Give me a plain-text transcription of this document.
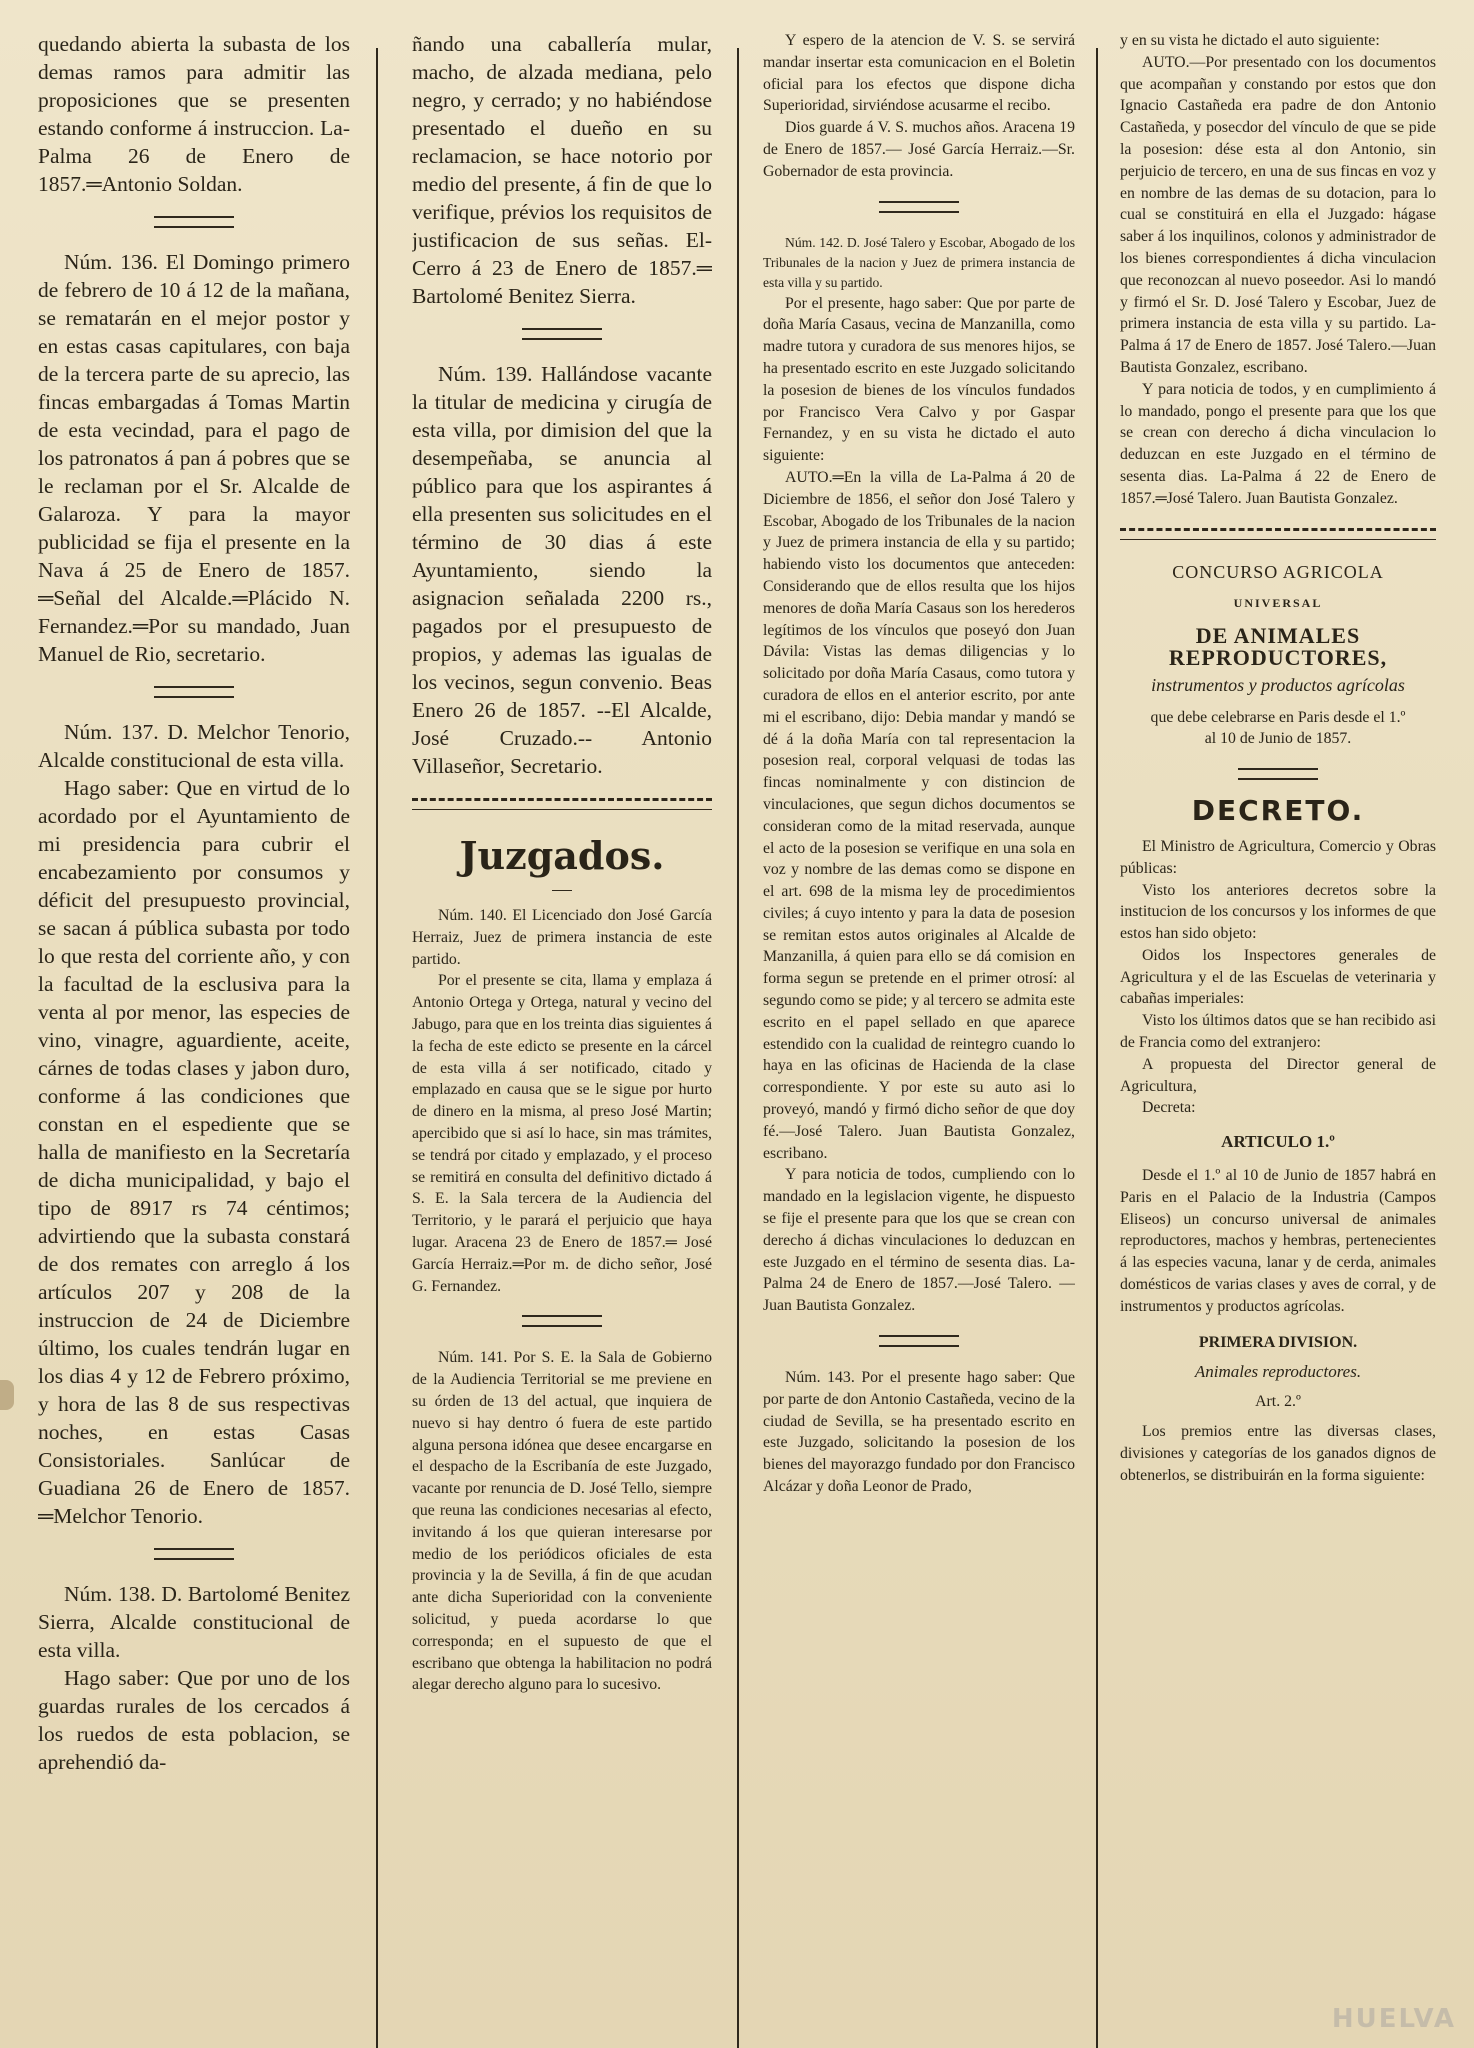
quedando abierta la subasta de los demas ramos para admitir las proposiciones que se presenten estando conforme á instruccion. La-Palma 26 de Enero de 1857.═Antonio Soldan.

Núm. 136. El Domingo primero de febrero de 10 á 12 de la mañana, se rematarán en el mejor postor y en estas casas capitulares, con baja de la tercera parte de su aprecio, las fincas embargadas á Tomas Martin de esta vecindad, para el pago de los patronatos á pan á pobres que se le reclaman por el Sr. Alcalde de Galaroza. Y para la mayor publicidad se fija el presente en la Nava á 25 de Enero de 1857. ═Señal del Alcalde.═Plácido N. Fernandez.═Por su mandado, Juan Manuel de Rio, secretario.

Núm. 137. D. Melchor Tenorio, Alcalde constitucional de esta villa.

Hago saber: Que en virtud de lo acordado por el Ayuntamiento de mi presidencia para cubrir el encabezamiento por consumos y déficit del presupuesto provincial, se sacan á pública subasta por todo lo que resta del corriente año, y con la facultad de la esclusiva para la venta al por menor, las especies de vino, vinagre, aguardiente, aceite, cárnes de todas clases y jabon duro, conforme á las condiciones que constan en el espediente que se halla de manifiesto en la Secretaría de dicha municipalidad, y bajo el tipo de 8917 rs 74 céntimos; advirtiendo que la subasta constará de dos remates con arreglo á los artículos 207 y 208 de la instruccion de 24 de Diciembre último, los cuales tendrán lugar en los dias 4 y 12 de Febrero próximo, y hora de las 8 de sus respectivas noches, en estas Casas Consistoriales. Sanlúcar de Guadiana 26 de Enero de 1857. ═Melchor Tenorio.

Núm. 138. D. Bartolomé Benitez Sierra, Alcalde constitucional de esta villa.

Hago saber: Que por uno de los guardas rurales de los cercados á los ruedos de esta poblacion, se aprehendió da-

ñando una caballería mular, macho, de alzada mediana, pelo negro, y cerrado; y no habiéndose presentado el dueño en su reclamacion, se hace notorio por medio del presente, á fin de que lo verifique, prévios los requisitos de justificacion de sus señas. El-Cerro á 23 de Enero de 1857.═ Bartolomé Benitez Sierra.

Núm. 139. Hallándose vacante la titular de medicina y cirugía de esta villa, por dimision del que la desempeñaba, se anuncia al público para que los aspirantes á ella presenten sus solicitudes en el término de 30 dias á este Ayuntamiento, siendo la asignacion señalada 2200 rs., pagados por el presupuesto de propios, y ademas las igualas de los vecinos, segun convenio. Beas Enero 26 de 1857. --El Alcalde, José Cruzado.-- Antonio Villaseñor, Secretario.

Juzgados.

Núm. 140. El Licenciado don José García Herraiz, Juez de primera instancia de este partido.

Por el presente se cita, llama y emplaza á Antonio Ortega y Ortega, natural y vecino del Jabugo, para que en los treinta dias siguientes á la fecha de este edicto se presente en la cárcel de esta villa á ser notificado, citado y emplazado en causa que se le sigue por hurto de dinero en la misma, al preso José Martin; apercibido que si así lo hace, sin mas trámites, se tendrá por citado y emplazado, y el proceso se remitirá en consulta del definitivo dictado á S. E. la Sala tercera de la Audiencia del Territorio, y le parará el perjuicio que haya lugar. Aracena 23 de Enero de 1857.═ José García Herraiz.═Por m. de dicho señor, José G. Fernandez.

Núm. 141. Por S. E. la Sala de Gobierno de la Audiencia Territorial se me previene en su órden de 13 del actual, que inquiera de nuevo si hay dentro ó fuera de este partido alguna persona idónea que desee encargarse en el despacho de la Escribanía de este Juzgado, vacante por renuncia de D. José Tello, siempre que reuna las condiciones necesarias al efecto, invitando á los que quieran interesarse por medio de los periódicos oficiales de esta provincia y la de Sevilla, á fin de que acudan ante dicha Superioridad con la conveniente solicitud, y pueda acordarse lo que corresponda; en el supuesto de que el escribano que obtenga la habilitacion no podrá alegar derecho alguno para lo sucesivo.

Y espero de la atencion de V. S. se servirá mandar insertar esta comunicacion en el Boletin oficial para los efectos que dispone dicha Superioridad, sirviéndose acusarme el recibo.

Dios guarde á V. S. muchos años. Aracena 19 de Enero de 1857.— José García Herraiz.—Sr. Gobernador de esta provincia.

Núm. 142. D. José Talero y Escobar, Abogado de los Tribunales de la nacion y Juez de primera instancia de esta villa y su partido.

Por el presente, hago saber: Que por parte de doña María Casaus, vecina de Manzanilla, como madre tutora y curadora de sus menores hijos, se ha presentado escrito en este Juzgado solicitando la posesion de bienes de los vínculos fundados por Francisco Vera Calvo y por Gaspar Fernandez, y en su vista he dictado el auto siguiente:

AUTO.═En la villa de La-Palma á 20 de Diciembre de 1856, el señor don José Talero y Escobar, Abogado de los Tribunales de la nacion y Juez de primera instancia de ella y su partido; habiendo visto los documentos que anteceden: Considerando que de ellos resulta que los hijos menores de doña María Casaus son los herederos legítimos de los vínculos que poseyó don Juan Dávila: Vistas las demas diligencias y lo solicitado por doña María Casaus, como tutora y curadora de ellos en el anterior escrito, por ante mi el escribano, dijo: Debia mandar y mandó se dé á la doña María con tal representacion la posesion real, corporal velquasi de todas las fincas nominalmente y con distincion de vinculaciones, que segun dichos documentos se consideran como de la mitad reservada, aunque el acto de la posesion se verifique en una sola en voz y nombre de las demas como se dispone en el art. 698 de la misma ley de procedimientos civiles; á cuyo intento y para la data de posesion se remitan estos autos originales al Alcalde de Manzanilla, á quien para ello se dá comision en forma segun se pretende en el primer otrosí: al segundo como se pide; y al tercero se admita este escrito en el papel sellado en que aparece estendido con la cualidad de reintegro cuando lo haya en las oficinas de Hacienda de la clase correspondiente. Y por este su auto asi lo proveyó, mandó y firmó dicho señor de que doy fé.—José Talero. Juan Bautista Gonzalez, escribano.

Y para noticia de todos, cumpliendo con lo mandado en la legislacion vigente, he dispuesto se fije el presente para que los que se crean con derecho á dichas vinculaciones lo deduzcan en este Juzgado en el término de sesenta dias. La-Palma 24 de Enero de 1857.—José Talero. —Juan Bautista Gonzalez.

Núm. 143. Por el presente hago saber: Que por parte de don Antonio Castañeda, vecino de la ciudad de Sevilla, se ha presentado escrito en este Juzgado, solicitando la posesion de los bienes del mayorazgo fundado por don Francisco Alcázar y doña Leonor de Prado,

y en su vista he dictado el auto siguiente:

AUTO.—Por presentado con los documentos que acompañan y constando por estos que don Ignacio Castañeda era padre de don Antonio Castañeda, y posecdor del vínculo de que se pide la posesion: dése esta al don Antonio, sin perjuicio de tercero, en una de sus fincas en voz y en nombre de las demas de su dotacion, para lo cual se constituirá en ella el Juzgado: hágase saber á los inquilinos, colonos y administrador de los bienes correspondientes á dicha vinculacion que reconozcan al nuevo poseedor. Asi lo mandó y firmó el Sr. D. José Talero y Escobar, Juez de primera instancia de esta villa y su partido. La-Palma á 17 de Enero de 1857. José Talero.—Juan Bautista Gonzalez, escribano.

Y para noticia de todos, y en cumplimiento á lo mandado, pongo el presente para que los que se crean con derecho á dicha vinculacion lo deduzcan en este Juzgado en el término de sesenta dias. La-Palma á 22 de Enero de 1857.═José Talero. Juan Bautista Gonzalez.

CONCURSO AGRICOLA

UNIVERSAL

DE ANIMALES REPRODUCTORES,

instrumentos y productos agrícolas

que debe celebrarse en Paris desde el 1.º al 10 de Junio de 1857.

DECRETO.

El Ministro de Agricultura, Comercio y Obras públicas:

Visto los anteriores decretos sobre la institucion de los concursos y los informes de que estos han sido objeto:

Oidos los Inspectores generales de Agricultura y el de las Escuelas de veterinaria y cabañas imperiales:

Visto los últimos datos que se han recibido asi de Francia como del extranjero:

A propuesta del Director general de Agricultura,

Decreta:

ARTICULO 1.º

Desde el 1.º al 10 de Junio de 1857 habrá en Paris en el Palacio de la Industria (Campos Eliseos) un concurso universal de animales reproductores, machos y hembras, pertenecientes á las especies vacuna, lanar y de cerda, animales domésticos de varias clases y aves de corral, y de instrumentos y productos agrícolas.

PRIMERA DIVISION.

Animales reproductores.

Art. 2.º

Los premios entre las diversas clases, divisiones y categorías de los ganados dignos de obtenerlos, se distribuirán en la forma siguiente:

HUELVA
